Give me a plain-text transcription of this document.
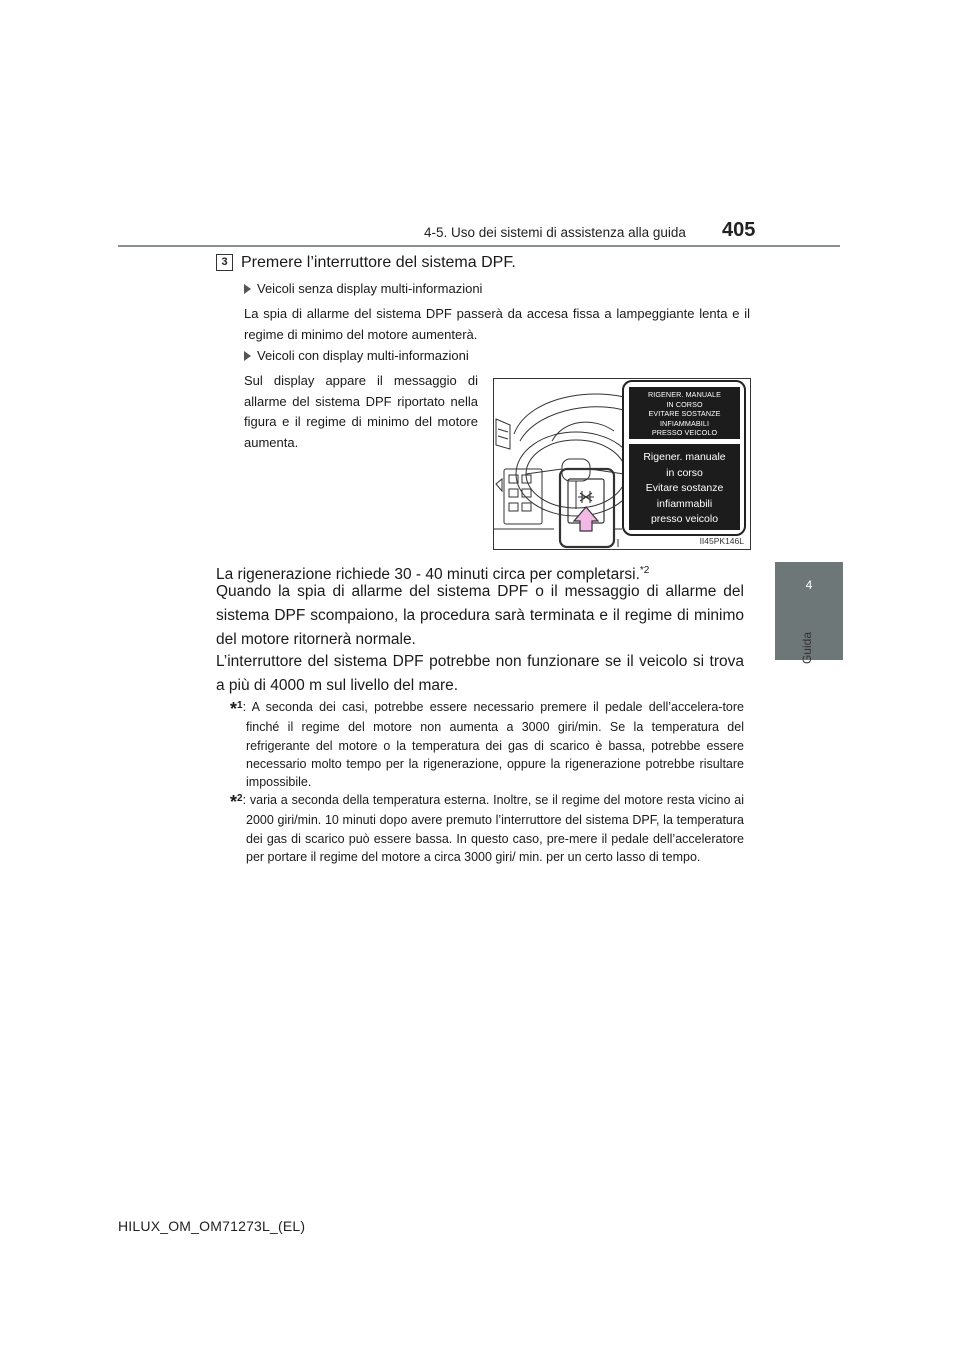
4-5. Uso dei sistemi di assistenza alla guida 405
4
Guida
3 Premere l’interruttore del sistema DPF.
Veicoli senza display multi-informazioni
La spia di allarme del sistema DPF passerà da accesa fissa a lampeggiante lenta e il regime di minimo del motore aumenterà.
Veicoli con display multi-informazioni
Sul display appare il messaggio di allarme del sistema DPF riportato nella figura e il regime di minimo del motore aumenta.
II45PK146L
RIGENER. MANUALE
IN CORSO
EVITARE SOSTANZE
INFIAMMABILI
PRESSO VEICOLO
Rigener. manuale
in corso
Evitare sostanze
infiammabili
presso veicolo
La rigenerazione richiede 30 - 40 minuti circa per completarsi.$^{*2}$
Quando la spia di allarme del sistema DPF o il messaggio di allarme del sistema DPF scompaiono, la procedura sarà terminata e il regime di minimo del motore ritornerà normale.
L’interruttore del sistema DPF potrebbe non funzionare se il veicolo si trova a più di 4000 m sul livello del mare.
*$^1$: A seconda dei casi, potrebbe essere necessario premere il pedale dell’accelera-tore finché il regime del motore non aumenta a 3000 giri/min. Se la temperatura del refrigerante del motore o la temperatura dei gas di scarico è bassa, potrebbe essere necessario molto tempo per la rigenerazione, oppure la rigenerazione potrebbe risultare impossibile.
*$^2$: varia a seconda della temperatura esterna. Inoltre, se il regime del motore resta vicino ai 2000 giri/min. 10 minuti dopo avere premuto l’interruttore del sistema DPF, la temperatura dei gas di scarico può essere bassa. In questo caso, pre-mere il pedale dell’acceleratore per portare il regime del motore a circa 3000 giri/ min. per un certo lasso di tempo.
HILUX_OM_OM71273L_(EL)
